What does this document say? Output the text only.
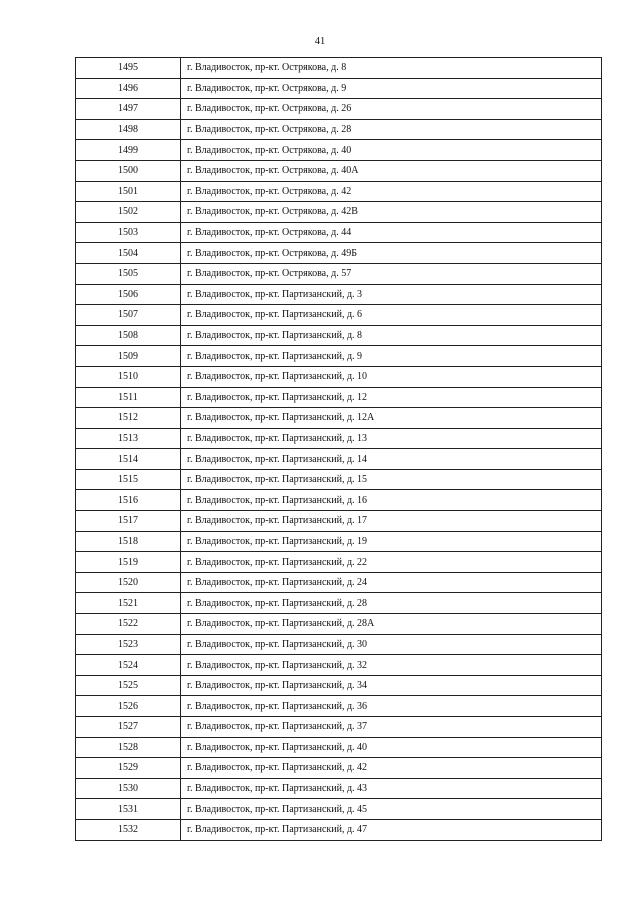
41
1495	г. Владивосток, пр-кт. Острякова, д. 8
1496	г. Владивосток, пр-кт. Острякова, д. 9
1497	г. Владивосток, пр-кт. Острякова, д. 26
1498	г. Владивосток, пр-кт. Острякова, д. 28
1499	г. Владивосток, пр-кт. Острякова, д. 40
1500	г. Владивосток, пр-кт. Острякова, д. 40А
1501	г. Владивосток, пр-кт. Острякова, д. 42
1502	г. Владивосток, пр-кт. Острякова, д. 42В
1503	г. Владивосток, пр-кт. Острякова, д. 44
1504	г. Владивосток, пр-кт. Острякова, д. 49Б
1505	г. Владивосток, пр-кт. Острякова, д. 57
1506	г. Владивосток, пр-кт. Партизанский, д. 3
1507	г. Владивосток, пр-кт. Партизанский, д. 6
1508	г. Владивосток, пр-кт. Партизанский, д. 8
1509	г. Владивосток, пр-кт. Партизанский, д. 9
1510	г. Владивосток, пр-кт. Партизанский, д. 10
1511	г. Владивосток, пр-кт. Партизанский, д. 12
1512	г. Владивосток, пр-кт. Партизанский, д. 12А
1513	г. Владивосток, пр-кт. Партизанский, д. 13
1514	г. Владивосток, пр-кт. Партизанский, д. 14
1515	г. Владивосток, пр-кт. Партизанский, д. 15
1516	г. Владивосток, пр-кт. Партизанский, д. 16
1517	г. Владивосток, пр-кт. Партизанский, д. 17
1518	г. Владивосток, пр-кт. Партизанский, д. 19
1519	г. Владивосток, пр-кт. Партизанский, д. 22
1520	г. Владивосток, пр-кт. Партизанский, д. 24
1521	г. Владивосток, пр-кт. Партизанский, д. 28
1522	г. Владивосток, пр-кт. Партизанский, д. 28А
1523	г. Владивосток, пр-кт. Партизанский, д. 30
1524	г. Владивосток, пр-кт. Партизанский, д. 32
1525	г. Владивосток, пр-кт. Партизанский, д. 34
1526	г. Владивосток, пр-кт. Партизанский, д. 36
1527	г. Владивосток, пр-кт. Партизанский, д. 37
1528	г. Владивосток, пр-кт. Партизанский, д. 40
1529	г. Владивосток, пр-кт. Партизанский, д. 42
1530	г. Владивосток, пр-кт. Партизанский, д. 43
1531	г. Владивосток, пр-кт. Партизанский, д. 45
1532	г. Владивосток, пр-кт. Партизанский, д. 47
